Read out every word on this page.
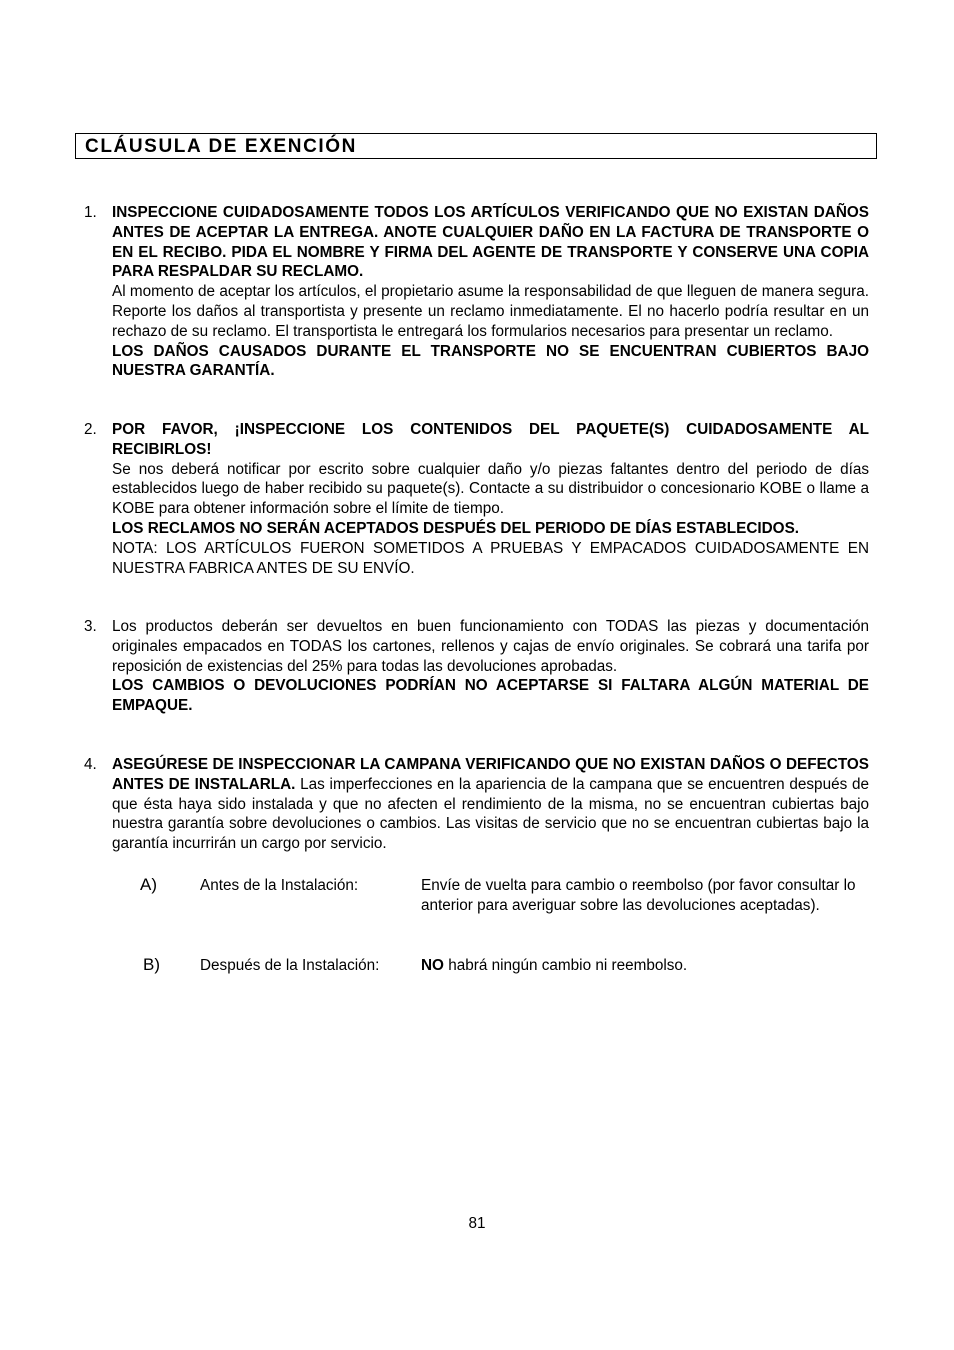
CLÁUSULA DE EXENCIÓN
1. INSPECCIONE CUIDADOSAMENTE TODOS LOS ARTÍCULOS VERIFICANDO QUE NO EXISTAN DAÑOS ANTES DE ACEPTAR LA ENTREGA. ANOTE CUALQUIER DAÑO EN LA FACTURA DE TRANSPORTE O EN EL RECIBO. PIDA EL NOMBRE Y FIRMA DEL AGENTE DE TRANSPORTE Y CONSERVE UNA COPIA PARA RESPALDAR SU RECLAMO.

Al momento de aceptar los artículos, el propietario asume la responsabilidad de que lleguen de manera segura. Reporte los daños al transportista y presente un reclamo inmediatamente. El no hacerlo podría resultar en un rechazo de su reclamo. El transportista le entregará los formularios necesarios para presentar un reclamo.

LOS DAÑOS CAUSADOS DURANTE EL TRANSPORTE NO SE ENCUENTRAN CUBIERTOS BAJO NUESTRA GARANTÍA.

2. POR FAVOR, ¡INSPECCIONE LOS CONTENIDOS DEL PAQUETE(S) CUIDADOSAMENTE AL RECIBIRLOS!

Se nos deberá notificar por escrito sobre cualquier daño y/o piezas faltantes dentro del periodo de días establecidos luego de haber recibido su paquete(s). Contacte a su distribuidor o concesionario KOBE o llame a KOBE para obtener información sobre el límite de tiempo.

LOS RECLAMOS NO SERÁN ACEPTADOS DESPUÉS DEL PERIODO DE DÍAS ESTABLECIDOS.

NOTA: LOS ARTÍCULOS FUERON SOMETIDOS A PRUEBAS Y EMPACADOS CUIDADOSAMENTE EN NUESTRA FABRICA ANTES DE SU ENVÍO.

3. Los productos deberán ser devueltos en buen funcionamiento con TODAS las piezas y documentación originales empacados en TODAS los cartones, rellenos y cajas de envío originales. Se cobrará una tarifa por reposición de existencias del 25% para todas las devoluciones aprobadas.

LOS CAMBIOS O DEVOLUCIONES PODRÍAN NO ACEPTARSE SI FALTARA ALGÚN MATERIAL DE EMPAQUE.

4. ASEGÚRESE DE INSPECCIONAR LA CAMPANA VERIFICANDO QUE NO EXISTAN DAÑOS O DEFECTOS ANTES DE INSTALARLA. Las imperfecciones en la apariencia de la campana que se encuentren después de que ésta haya sido instalada y que no afecten el rendimiento de la misma, no se encuentran cubiertas bajo nuestra garantía sobre devoluciones o cambios. Las visitas de servicio que no se encuentran cubiertas bajo la garantía incurrirán un cargo por servicio.

A)	Antes de la Instalación:	Envíe de vuelta para cambio o reembolso (por favor consultar lo anterior para averiguar sobre las devoluciones aceptadas).
B)	Después de la Instalación:	NO habrá ningún cambio ni reembolso.
81
